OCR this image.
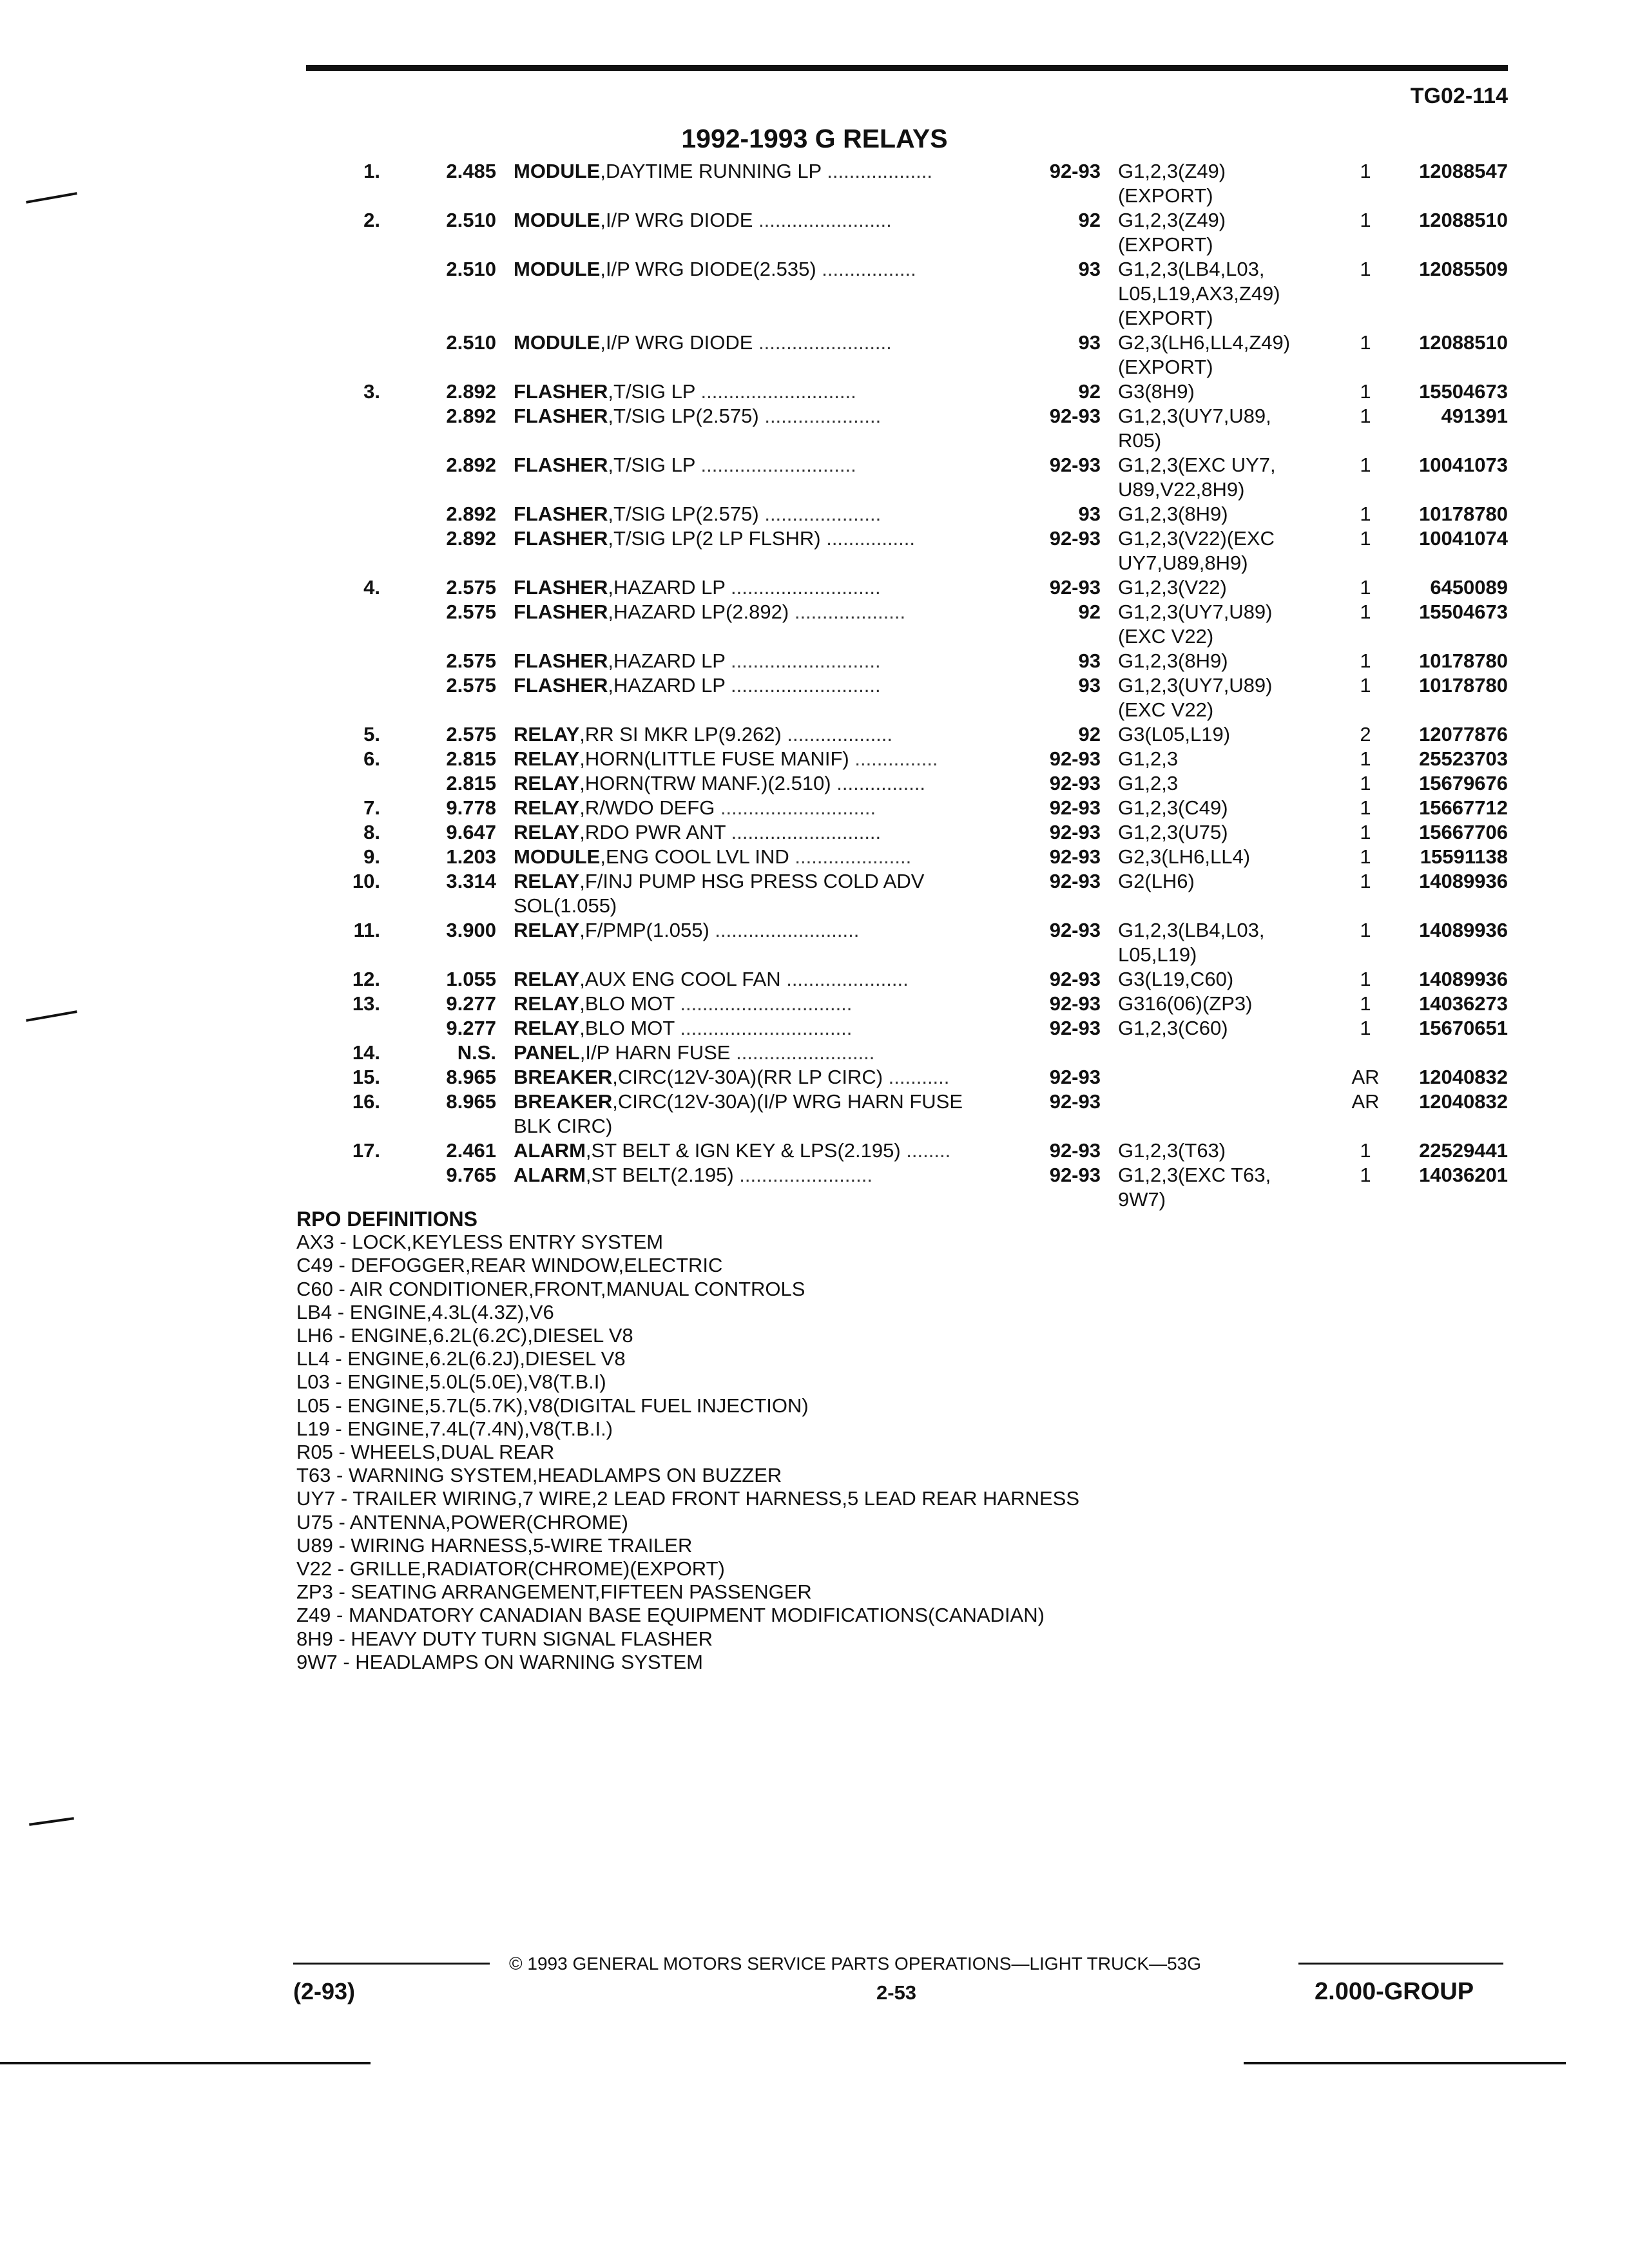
TG02-114
1992-1993 G RELAYS
1.	2.485 MODULE,DAYTIME RUNNING LP ...................	92-93 G1,2,3(Z49)	1	12088547
(EXPORT)
2.	2.510 MODULE,I/P WRG DIODE ........................	92 G1,2,3(Z49)	1	12088510
(EXPORT)
2.510 MODULE,I/P WRG DIODE(2.535) .................	93 G1,2,3(LB4,L03,	1	12085509
L05,L19,AX3,Z49)
(EXPORT)
2.510 MODULE,I/P WRG DIODE ........................	93 G2,3(LH6,LL4,Z49)	1	12088510
(EXPORT)
3.	2.892 FLASHER,T/SIG LP ............................	92 G3(8H9)	1	15504673
2.892 FLASHER,T/SIG LP(2.575) .....................	92-93 G1,2,3(UY7,U89,	1	491391
R05)
2.892 FLASHER,T/SIG LP ............................	92-93 G1,2,3(EXC UY7,	1	10041073
U89,V22,8H9)
2.892 FLASHER,T/SIG LP(2.575) .....................	93 G1,2,3(8H9)	1	10178780
2.892 FLASHER,T/SIG LP(2 LP FLSHR) ................	92-93 G1,2,3(V22)(EXC	1	10041074
UY7,U89,8H9)
4.	2.575 FLASHER,HAZARD LP ...........................	92-93 G1,2,3(V22)	1	6450089
2.575 FLASHER,HAZARD LP(2.892) ....................	92 G1,2,3(UY7,U89)	1	15504673
(EXC V22)
2.575 FLASHER,HAZARD LP ...........................	93 G1,2,3(8H9)	1	10178780
2.575 FLASHER,HAZARD LP ...........................	93 G1,2,3(UY7,U89)	1	10178780
(EXC V22)
5.	2.575 RELAY,RR SI MKR LP(9.262) ...................	92 G3(L05,L19)	2	12077876
6.	2.815 RELAY,HORN(LITTLE FUSE MANIF) ...............	92-93 G1,2,3	1	25523703
2.815 RELAY,HORN(TRW MANF.)(2.510) ................	92-93 G1,2,3	1	15679676
7.	9.778 RELAY,R/WDO DEFG ............................	92-93 G1,2,3(C49)	1	15667712
8.	9.647 RELAY,RDO PWR ANT ...........................	92-93 G1,2,3(U75)	1	15667706
9.	1.203 MODULE,ENG COOL LVL IND .....................	92-93 G2,3(LH6,LL4)	1	15591138
10.	3.314 RELAY,F/INJ PUMP HSG PRESS COLD ADV	92-93 G2(LH6)	1	14089936
SOL(1.055)
11.	3.900 RELAY,F/PMP(1.055) ..........................	92-93 G1,2,3(LB4,L03,	1	14089936
L05,L19)
12.	1.055 RELAY,AUX ENG COOL FAN ......................	92-93 G3(L19,C60)	1	14089936
13.	9.277 RELAY,BLO MOT ...............................	92-93 G316(06)(ZP3)	1	14036273
9.277 RELAY,BLO MOT ...............................	92-93 G1,2,3(C60)	1	15670651
14.	N.S. PANEL,I/P HARN FUSE .........................
15.	8.965 BREAKER,CIRC(12V-30A)(RR LP CIRC) ...........	92-93	AR	12040832
16.	8.965 BREAKER,CIRC(12V-30A)(I/P WRG HARN FUSE	92-93	AR	12040832
BLK CIRC)
17.	2.461 ALARM,ST BELT & IGN KEY & LPS(2.195) ........	92-93 G1,2,3(T63)	1	22529441
9.765 ALARM,ST BELT(2.195) ........................	92-93 G1,2,3(EXC T63,	1	14036201
9W7)
RPO DEFINITIONS
AX3 - LOCK,KEYLESS ENTRY SYSTEM
C49 - DEFOGGER,REAR WINDOW,ELECTRIC
C60 - AIR CONDITIONER,FRONT,MANUAL CONTROLS
LB4 - ENGINE,4.3L(4.3Z),V6
LH6 - ENGINE,6.2L(6.2C),DIESEL V8
LL4 - ENGINE,6.2L(6.2J),DIESEL V8
L03 - ENGINE,5.0L(5.0E),V8(T.B.I)
L05 - ENGINE,5.7L(5.7K),V8(DIGITAL FUEL INJECTION)
L19 - ENGINE,7.4L(7.4N),V8(T.B.I.)
R05 - WHEELS,DUAL REAR
T63 - WARNING SYSTEM,HEADLAMPS ON BUZZER
UY7 - TRAILER WIRING,7 WIRE,2 LEAD FRONT HARNESS,5 LEAD REAR HARNESS
U75 - ANTENNA,POWER(CHROME)
U89 - WIRING HARNESS,5-WIRE TRAILER
V22 - GRILLE,RADIATOR(CHROME)(EXPORT)
ZP3 - SEATING ARRANGEMENT,FIFTEEN PASSENGER
Z49 - MANDATORY CANADIAN BASE EQUIPMENT MODIFICATIONS(CANADIAN)
8H9 - HEAVY DUTY TURN SIGNAL FLASHER
9W7 - HEADLAMPS ON WARNING SYSTEM
© 1993 GENERAL MOTORS SERVICE PARTS OPERATIONS—LIGHT TRUCK—53G
(2-93)	2-53	2.000-GROUP
